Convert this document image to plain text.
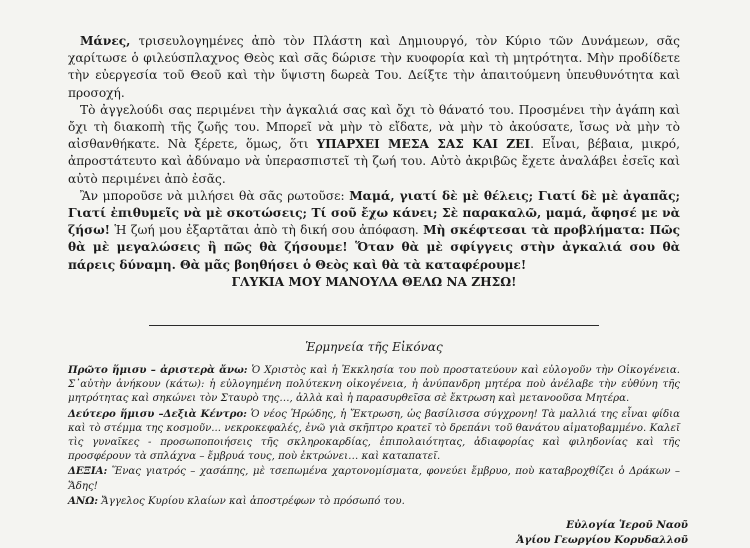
Μάνες, τρισευλογημένες ἀπὸ τὸν Πλάστη καὶ Δημιουργό, τὸν Κύριο τῶν Δυνάμεων, σᾶς χαρίτωσε ὁ φιλεύσπλαχνος Θεὸς καὶ σᾶς δώρισε τὴν κυοφορία καὶ τὴ μητρότητα. Μὴν προδίδετε τὴν εὐεργεσία τοῦ Θεοῦ καὶ τὴν ὕψιστη δωρεὰ Του. Δείξτε τὴν ἀπαιτούμενη ὑπευθυνότητα καὶ προσοχή.

Τὸ ἀγγελούδι σας περιμένει τὴν ἀγκαλιά σας καὶ ὄχι τὸ θάνατό του. Προσμένει τὴν ἀγάπη καὶ ὄχι τὴ διακοπὴ τῆς ζωῆς του. Μπορεῖ νὰ μὴν τὸ εἴδατε, νὰ μὴν τὸ ἀκούσατε, ἴσως νὰ μὴν τὸ αἰσθανθήκατε. Νὰ ξέρετε, ὅμως, ὅτι ΥΠΑΡΧΕΙ ΜΕΣΑ ΣΑΣ ΚΑΙ ΖΕΙ. Εἶναι, βέβαια, μικρό, ἀπροστάτευτο καὶ ἀδύναμο νὰ ὑπερασπιστεῖ τὴ ζωή του. Αὐτὸ ἀκριβῶς ἔχετε ἀναλάβει ἐσεῖς καὶ αὐτὸ περιμένει ἀπὸ ἐσᾶς.

Ἂν μποροῦσε νὰ μιλήσει θὰ σᾶς ρωτοῦσε: Μαμά, γιατί δὲ μὲ θέλεις; Γιατί δὲ μὲ ἀγαπᾶς; Γιατί ἐπιθυμεῖς νὰ μὲ σκοτώσεις; Τί σοῦ ἔχω κάνει; Σὲ παρακαλῶ, μαμά, ἄφησέ με νὰ ζήσω! Ἡ ζωή μου ἐξαρτᾶται ἀπὸ τὴ δική σου ἀπόφαση. Μὴ σκέφτεσαι τὰ προβλήματα: Πῶς θὰ μὲ μεγαλώσεις ἢ πῶς θὰ ζήσουμε! Ὅταν θὰ μὲ σφίγγεις στὴν ἀγκαλιά σου θὰ πάρεις δύναμη. Θὰ μᾶς βοηθήσει ὁ Θεὸς καὶ θὰ τὰ καταφέρουμε!

ΓΛΥΚΙΑ ΜΟΥ ΜΑΝΟΥΛΑ ΘΕΛΩ ΝΑ ΖΗΣΩ!

Ἑρμηνεία τῆς Εἰκόνας

Πρῶτο ἥμισυ – ἀριστερὰ ἄνω: Ὁ Χριστὸς καὶ ἡ Ἐκκλησία του ποὺ προστατεύουν καὶ εὐλογοῦν τὴν Οἰκογένεια. Σ᾽αὐτὴν ἀνήκουν (κάτω): ἡ εὐλογημένη πολύτεκνη οἰκογένεια, ἡ ἀνύπανδρη μητέρα ποὺ ἀνέλαβε τὴν εὐθύνη τῆς μητρότητας καὶ σηκώνει τὸν Σταυρὸ της…, ἀλλὰ καὶ ἡ παρασυρθεῖσα σὲ ἔκτρωση καὶ μετανοοῦσα Μητέρα.

Δεύτερο ἥμισυ –Δεξιὰ Κέντρο: Ὁ νέος Ἡρώδης, ἡ Ἔκτρωση, ὡς βασίλισσα σύγχρονη! Τὰ μαλλιά της εἶναι φίδια καὶ τὸ στέμμα της κοσμοῦν... νεκροκεφαλές, ἐνῶ γιὰ σκῆπτρο κρατεῖ τὸ δρεπάνι τοῦ θανάτου αἱματοβαμμένο. Καλεῖ τὶς γυναῖκες - προσωποποιήσεις τῆς σκληροκαρδίας, ἐπιπολαιότητας, ἀδιαφορίας καὶ φιληδονίας καὶ τῆς προσφέρουν τὰ σπλάχνα – ἔμβρυά τους, ποὺ ἐκτρώνει… καὶ καταπατεῖ.

ΔΕΞΙΑ: Ἕνας γιατρός – χασάπης, μὲ τσεπωμένα χαρτονομίσματα, φονεύει ἔμβρυο, ποὺ καταβροχθίζει ὁ Δράκων – Ἅδης!

ΑΝΩ: Ἄγγελος Κυρίου κλαίων καὶ ἀποστρέφων τὸ πρόσωπό του.

Εὐλογία Ἱεροῦ Ναοῦ
Ἁγίου Γεωργίου Κορυδαλλοῦ
